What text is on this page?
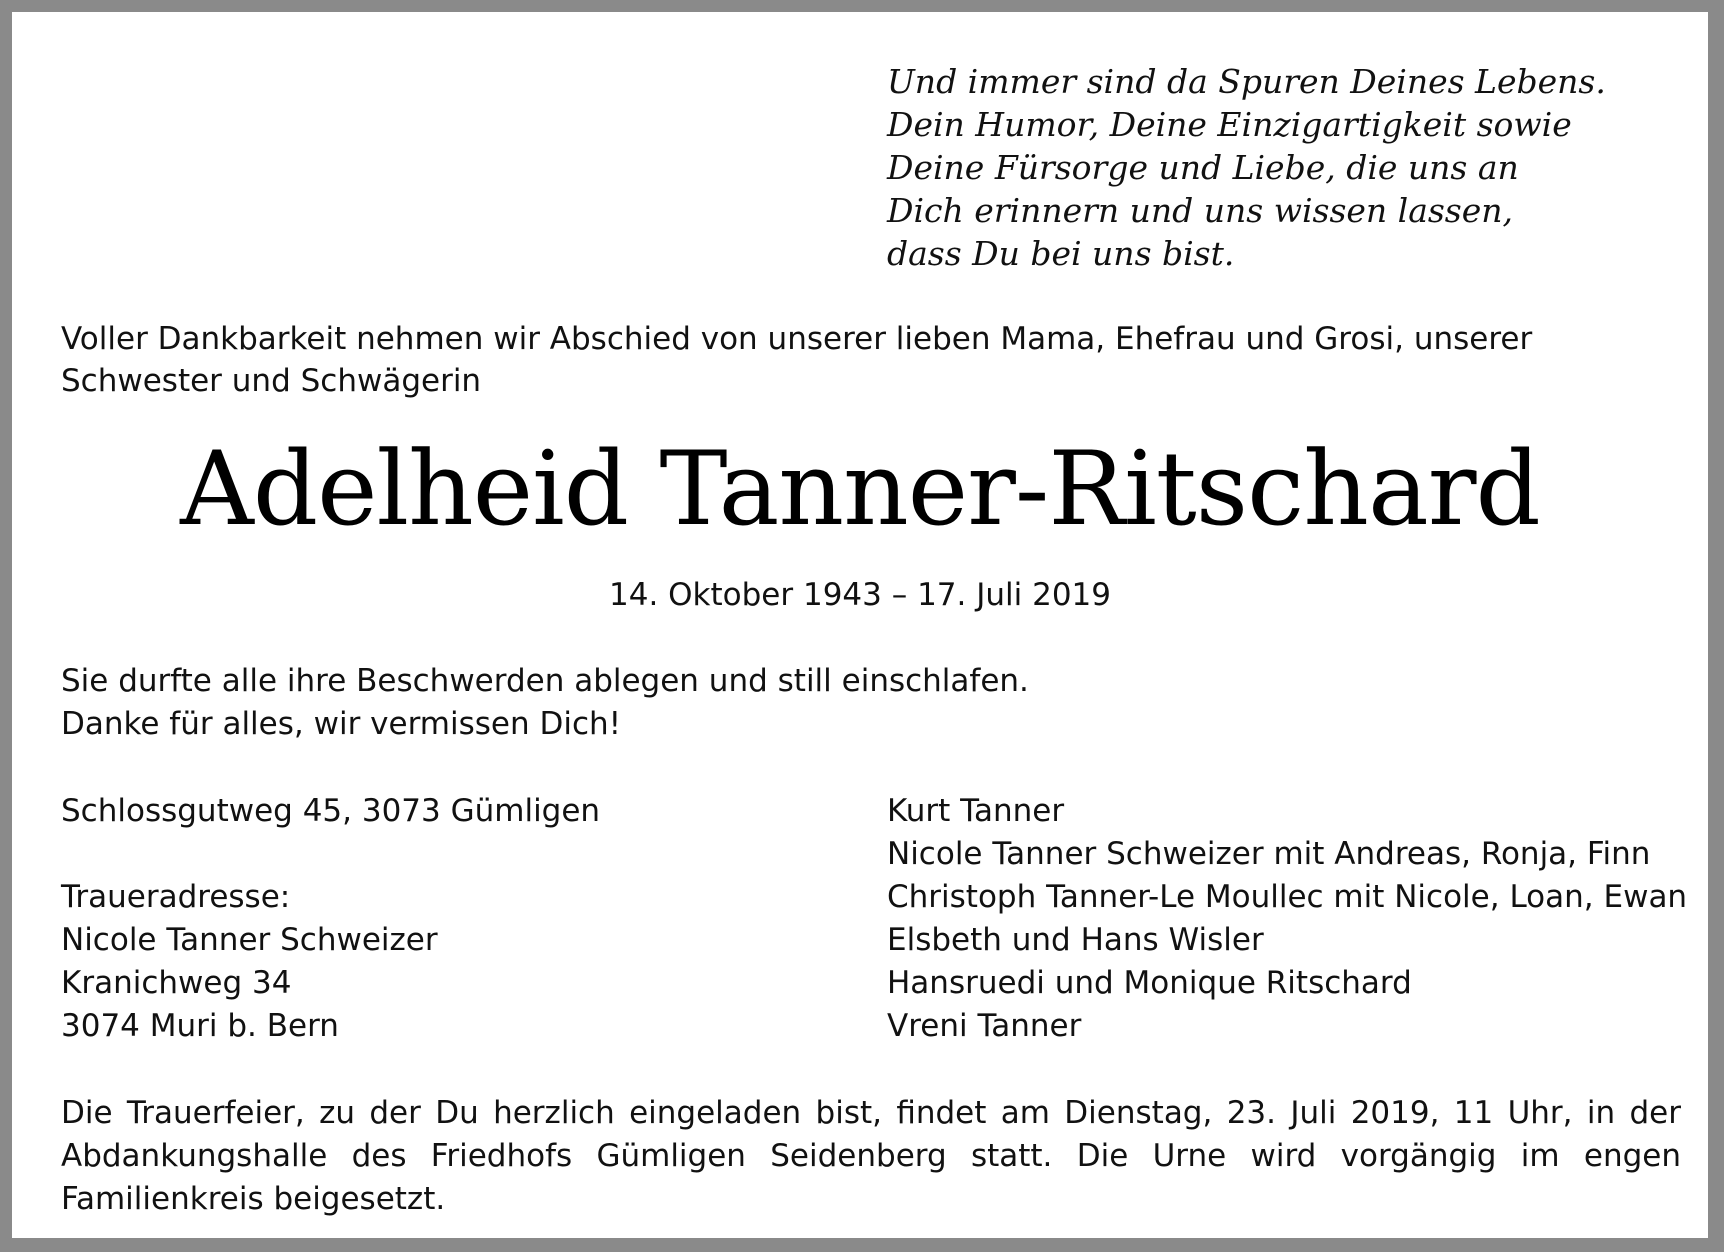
Und immer sind da Spuren Deines Lebens.
Dein Humor, Deine Einzigartigkeit sowie
Deine Fürsorge und Liebe, die uns an
Dich erinnern und uns wissen lassen,
dass Du bei uns bist.
Voller Dankbarkeit nehmen wir Abschied von unserer lieben Mama, Ehefrau und Grosi, unserer Schwester und Schwägerin
Adelheid Tanner-Ritschard
14. Oktober 1943 – 17. Juli 2019
Sie durfte alle ihre Beschwerden ablegen und still einschlafen.
Danke für alles, wir vermissen Dich!
Schlossgutweg 45, 3073 Gümligen
Traueradresse:
Nicole Tanner Schweizer
Kranichweg 34
3074 Muri b. Bern
Kurt Tanner
Nicole Tanner Schweizer mit Andreas, Ronja, Finn
Christoph Tanner-Le Moullec mit Nicole, Loan, Ewan
Elsbeth und Hans Wisler
Hansruedi und Monique Ritschard
Vreni Tanner
Die Trauerfeier, zu der Du herzlich eingeladen bist, findet am Dienstag, 23. Juli 2019, 11 Uhr, in der Abdankungshalle des Friedhofs Gümligen Seidenberg statt. Die Urne wird vorgängig im engen Familienkreis beigesetzt.
